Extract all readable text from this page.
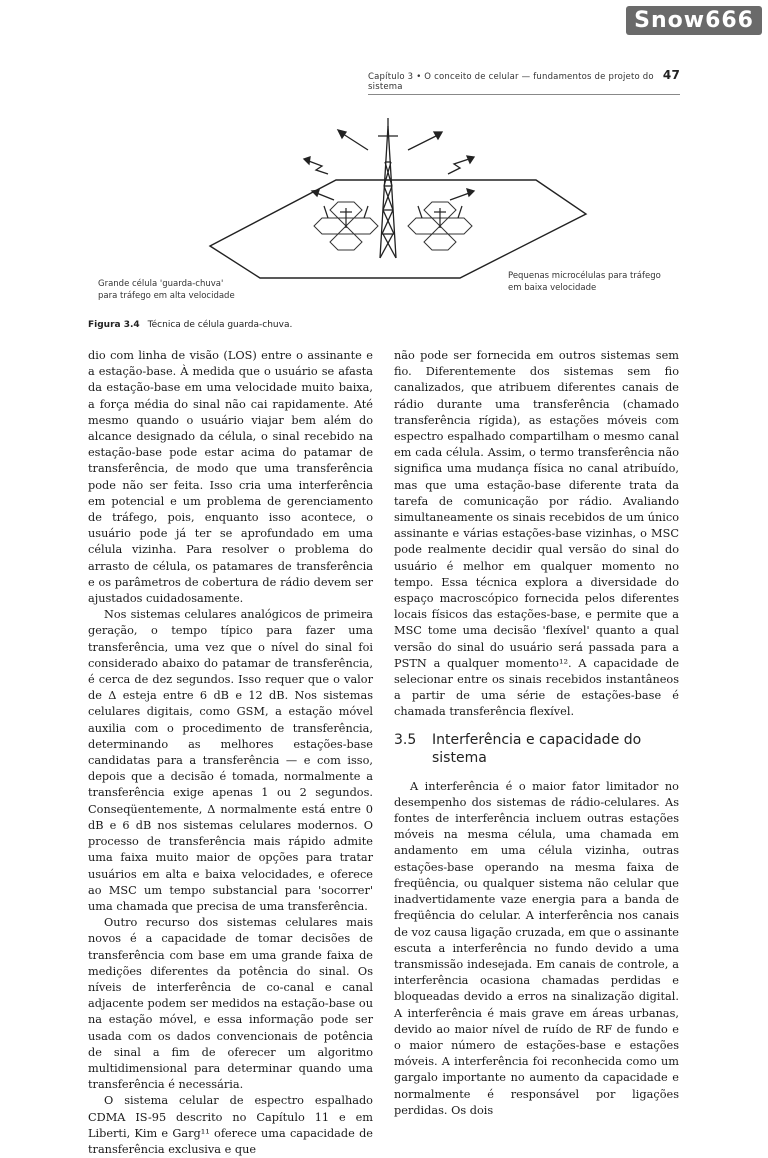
Snow666
Capítulo 3 • O conceito de celular — fundamentos de projeto do sistema
47
Grande célula 'guarda-chuva'
para tráfego em alta velocidade
Pequenas microcélulas para tráfego
em baixa velocidade
Figura 3.4 Técnica de célula guarda-chuva.

dio com linha de visão (LOS) entre o assinante e a estação-base. À medida que o usuário se afasta da estação-base em uma velocidade muito baixa, a força média do sinal não cai rapidamente. Até mesmo quando o usuário viajar bem além do alcance designado da célula, o sinal recebido na estação-base pode estar acima do patamar de transferência, de modo que uma transferência pode não ser feita. Isso cria uma interferência em potencial e um problema de gerenciamento de tráfego, pois, enquanto isso acontece, o usuário pode já ter se aprofundado em uma célula vizinha. Para resolver o problema do arrasto de célula, os patamares de transferência e os parâmetros de cobertura de rádio devem ser ajustados cuidadosamente.

Nos sistemas celulares analógicos de primeira geração, o tempo típico para fazer uma transferência, uma vez que o nível do sinal foi considerado abaixo do patamar de transferência, é cerca de dez segundos. Isso requer que o valor de Δ esteja entre 6 dB e 12 dB. Nos sistemas celulares digitais, como GSM, a estação móvel auxilia com o procedimento de transferência, determinando as melhores estações-base candidatas para a transferência — e com isso, depois que a decisão é tomada, normalmente a transferência exige apenas 1 ou 2 segundos. Conseqüentemente, Δ normalmente está entre 0 dB e 6 dB nos sistemas celulares modernos. O processo de transferência mais rápido admite uma faixa muito maior de opções para tratar usuários em alta e baixa velocidades, e oferece ao MSC um tempo substancial para 'socorrer' uma chamada que precisa de uma transferência.

Outro recurso dos sistemas celulares mais novos é a capacidade de tomar decisões de transferência com base em uma grande faixa de medições diferentes da potência do sinal. Os níveis de interferência de co-canal e canal adjacente podem ser medidos na estação-base ou na estação móvel, e essa informação pode ser usada com os dados convencionais de potência de sinal a fim de oferecer um algoritmo multidimensional para determinar quando uma transferência é necessária.

O sistema celular de espectro espalhado CDMA IS-95 descrito no Capítulo 11 e em Liberti, Kim e Garg¹¹ oferece uma capacidade de transferência exclusiva e que

não pode ser fornecida em outros sistemas sem fio. Diferentemente dos sistemas sem fio canalizados, que atribuem diferentes canais de rádio durante uma transferência (chamado transferência rígida), as estações móveis com espectro espalhado compartilham o mesmo canal em cada célula. Assim, o termo transferência não significa uma mudança física no canal atribuído, mas que uma estação-base diferente trata da tarefa de comunicação por rádio. Avaliando simultaneamente os sinais recebidos de um único assinante e várias estações-base vizinhas, o MSC pode realmente decidir qual versão do sinal do usuário é melhor em qualquer momento no tempo. Essa técnica explora a diversidade do espaço macroscópico fornecida pelos diferentes locais físicos das estações-base, e permite que a MSC tome uma decisão 'flexível' quanto a qual versão do sinal do usuário será passada para a PSTN a qualquer momento¹². A capacidade de selecionar entre os sinais recebidos instantâneos a partir de uma série de estações-base é chamada transferência flexível.

3.5	Interferência e capacidade do sistema

A interferência é o maior fator limitador no desempenho dos sistemas de rádio-celulares. As fontes de interferência incluem outras estações móveis na mesma célula, uma chamada em andamento em uma célula vizinha, outras estações-base operando na mesma faixa de freqüência, ou qualquer sistema não celular que inadvertidamente vaze energia para a banda de freqüência do celular. A interferência nos canais de voz causa ligação cruzada, em que o assinante escuta a interferência no fundo devido a uma transmissão indesejada. Em canais de controle, a interferência ocasiona chamadas perdidas e bloqueadas devido a erros na sinalização digital. A interferência é mais grave em áreas urbanas, devido ao maior nível de ruído de RF de fundo e o maior número de estações-base e estações móveis. A interferência foi reconhecida como um gargalo importante no aumento da capacidade e normalmente é responsável por ligações perdidas. Os dois
